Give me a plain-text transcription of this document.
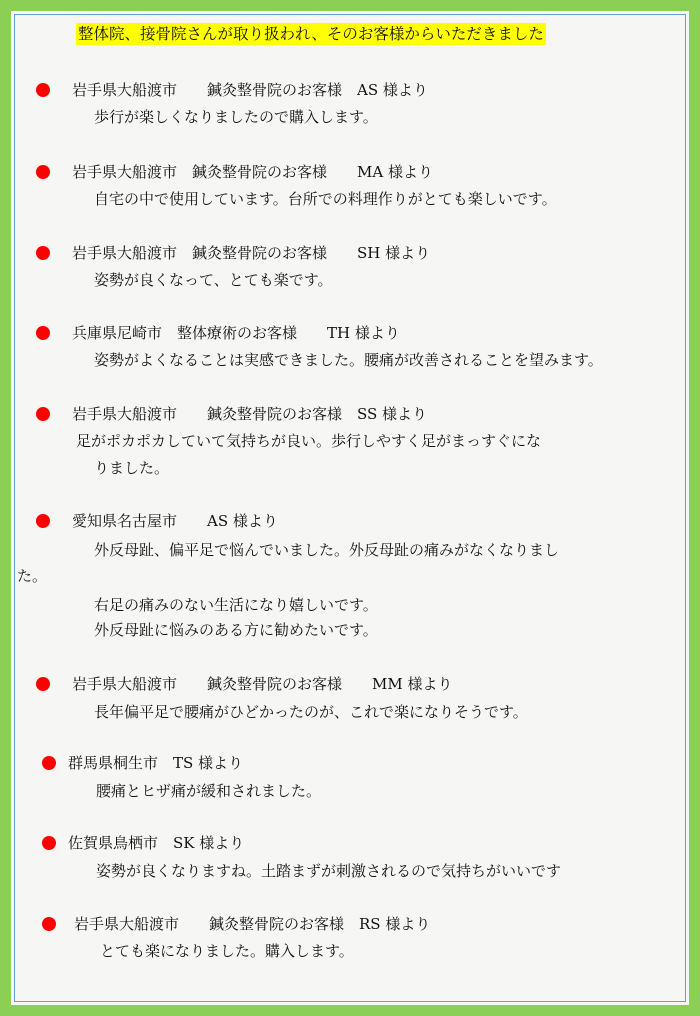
整体院、接骨院さんが取り扱われ、そのお客様からいただきました
岩手県大船渡市　　鍼灸整骨院のお客様　AS 様より
歩行が楽しくなりましたので購入します。
岩手県大船渡市　鍼灸整骨院のお客様　　MA 様より
自宅の中で使用しています。台所での料理作りがとても楽しいです。
岩手県大船渡市　鍼灸整骨院のお客様　　SH 様より
姿勢が良くなって、とても楽です。
兵庫県尼崎市　整体療術のお客様　　TH 様より
姿勢がよくなることは実感できました。腰痛が改善されることを望みます。
岩手県大船渡市　　鍼灸整骨院のお客様　SS 様より
足がポカポカしていて気持ちが良い。歩行しやすく足がまっすぐにな
りました。
愛知県名古屋市　　AS 様より
外反母趾、偏平足で悩んでいました。外反母趾の痛みがなくなりまし
た。
右足の痛みのない生活になり嬉しいです。
外反母趾に悩みのある方に勧めたいです。
岩手県大船渡市　　鍼灸整骨院のお客様　　MM 様より
長年偏平足で腰痛がひどかったのが、これで楽になりそうです。
群馬県桐生市　TS 様より
腰痛とヒザ痛が緩和されました。
佐賀県鳥栖市　SK 様より
姿勢が良くなりますね。土踏まずが刺激されるので気持ちがいいです
岩手県大船渡市　　鍼灸整骨院のお客様　RS 様より
とても楽になりました。購入します。
